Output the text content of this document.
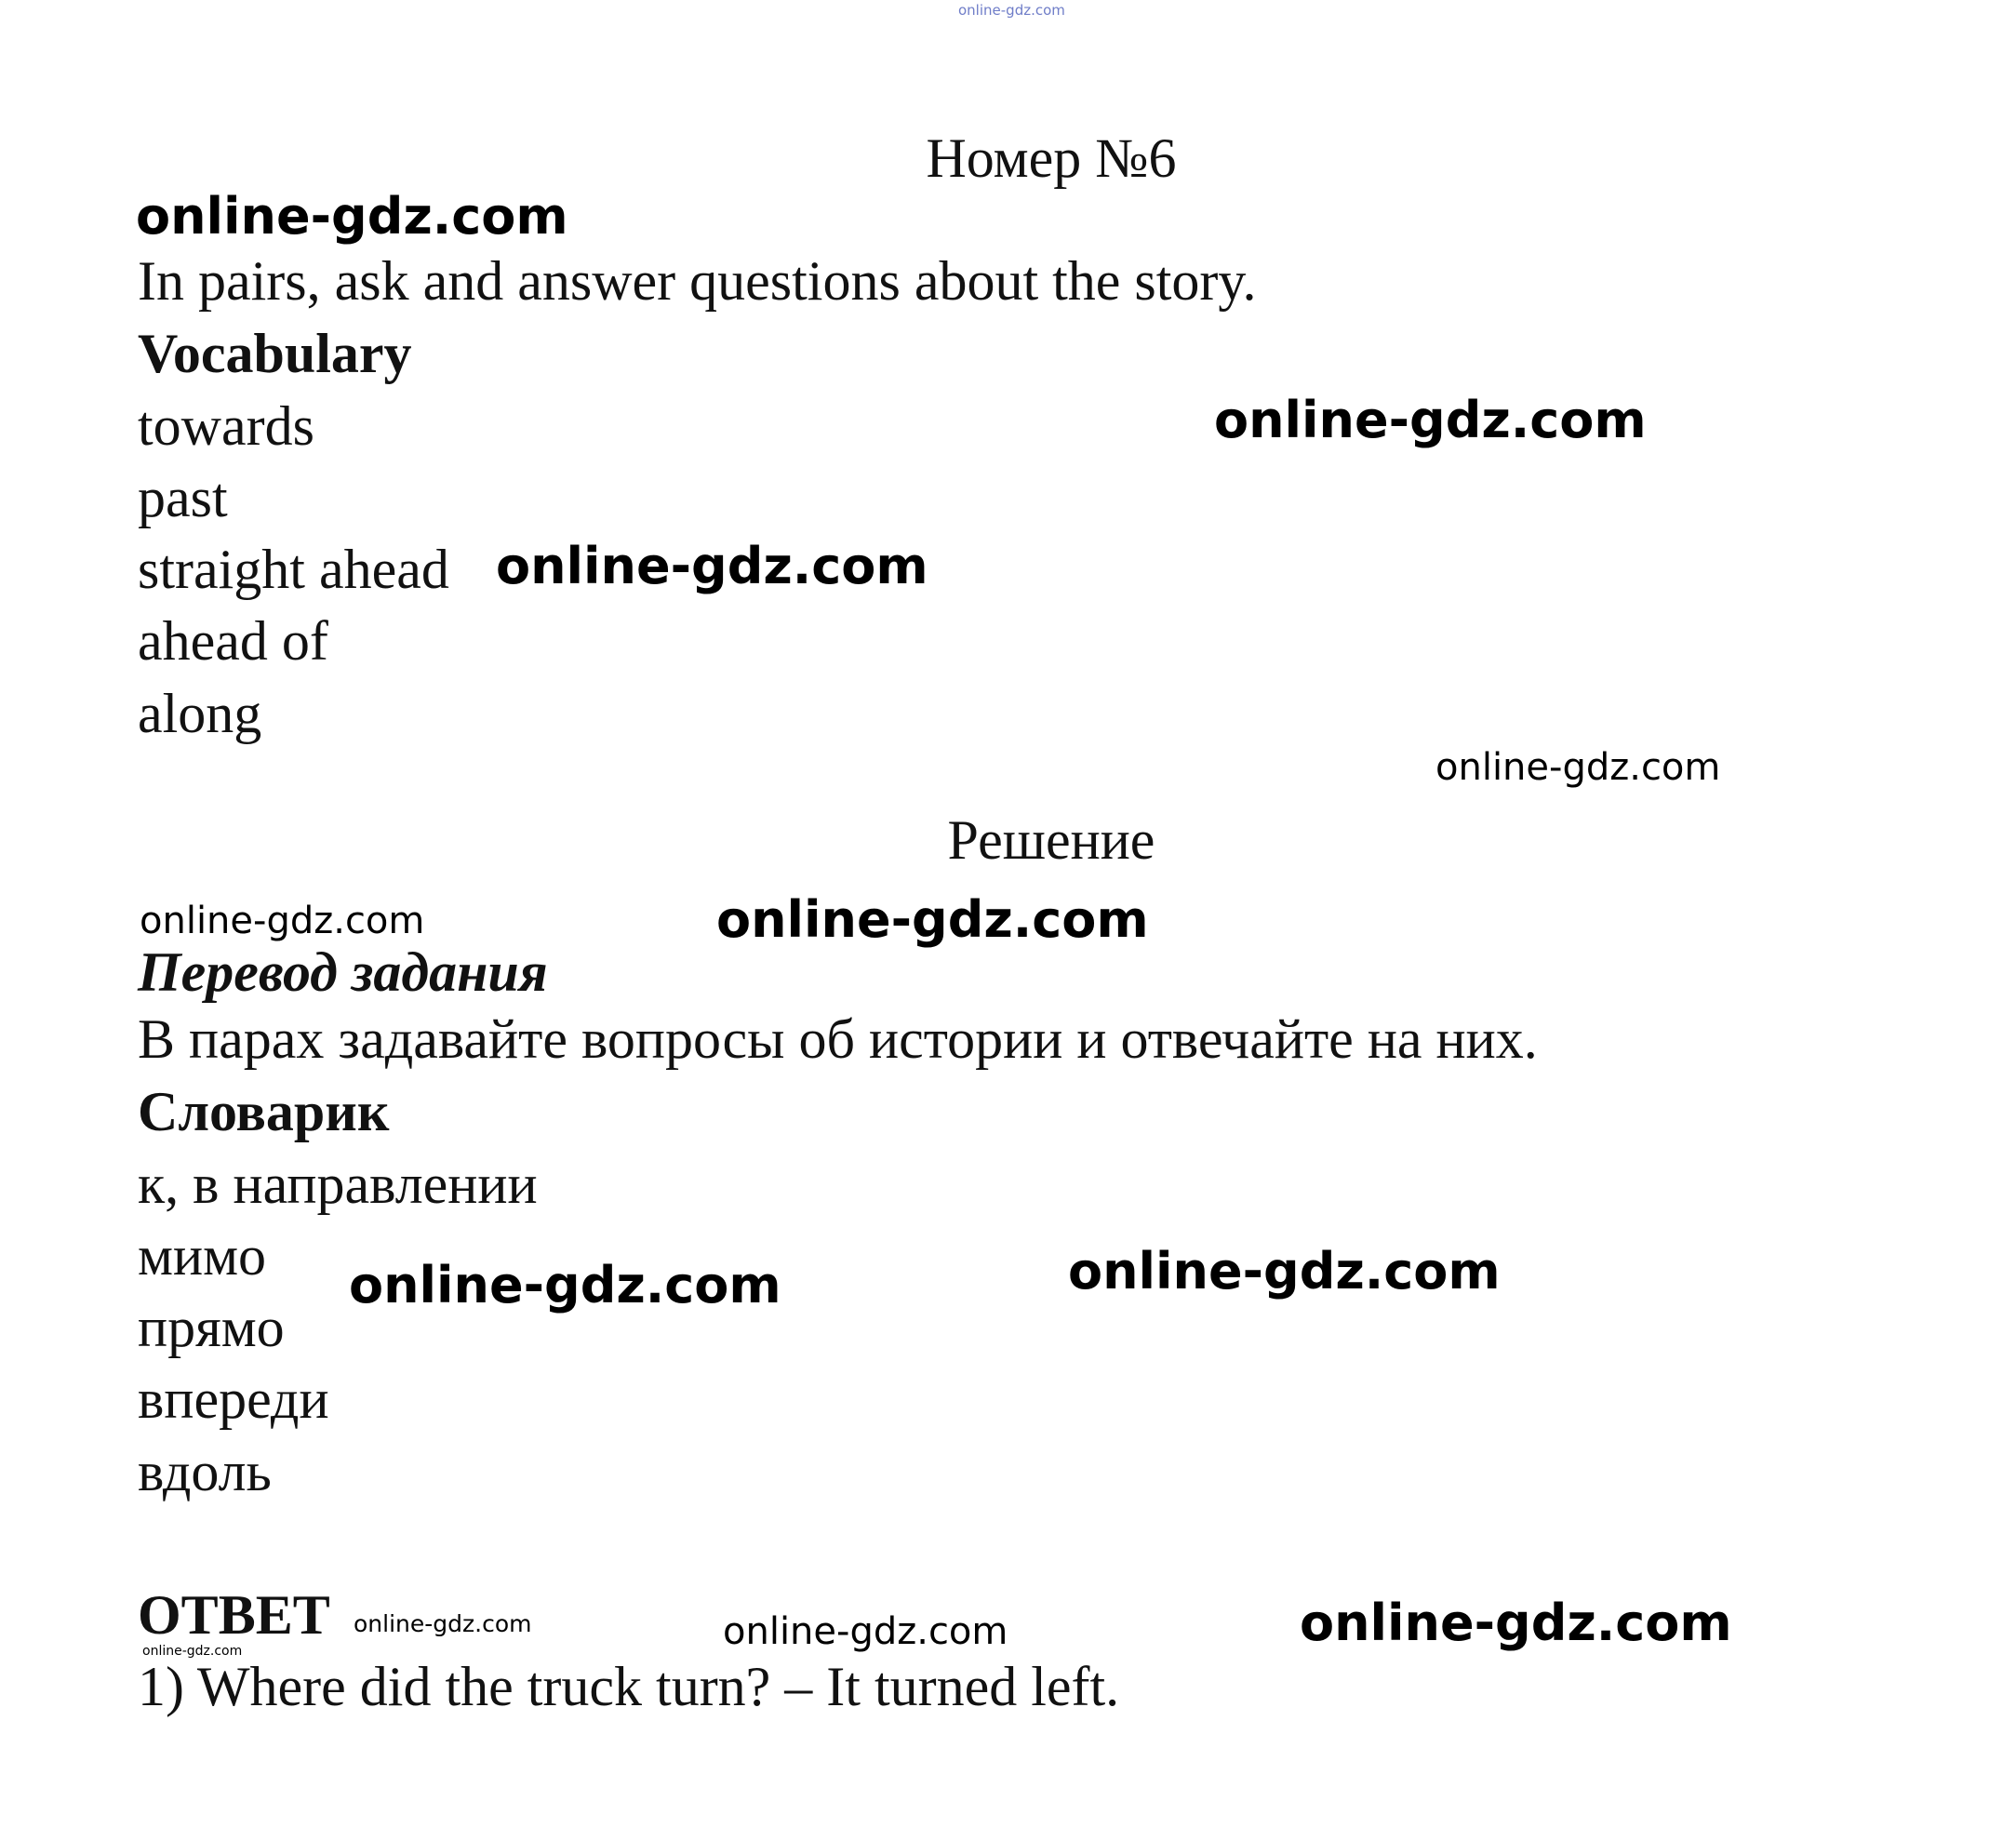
online-gdz.com
Номер №6
online-gdz.com
In pairs, ask and answer questions about the story.
Vocabulary
towards
past
straight ahead
ahead of
along
online-gdz.com
online-gdz.com
online-gdz.com
Решение
online-gdz.com	online-gdz.com
Перевод задания
В парах задавайте вопросы об истории и отвечайте на них.
Словарик
к, в направлении
мимо
прямо
впереди
вдоль
online-gdz.com
online-gdz.com
ОТВЕТ online-gdz.com
online-gdz.com	online-gdz.com	online-gdz.com
1) Where did the truck turn? – It turned left.
